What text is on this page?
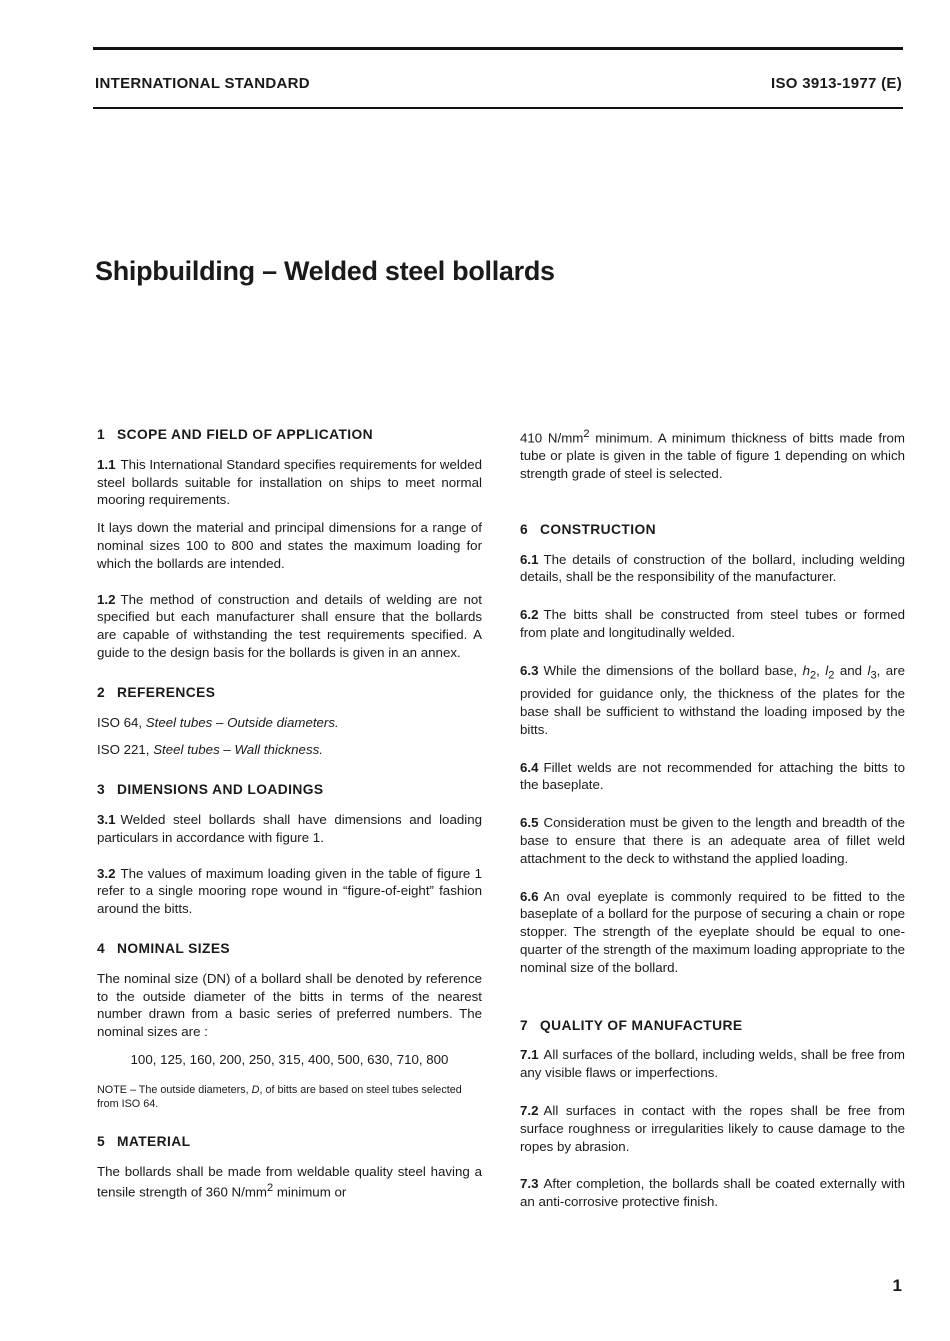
INTERNATIONAL STANDARD	ISO 3913-1977 (E)
Shipbuilding – Welded steel bollards
1 SCOPE AND FIELD OF APPLICATION

1.1 This International Standard specifies requirements for welded steel bollards suitable for installation on ships to meet normal mooring requirements.

It lays down the material and principal dimensions for a range of nominal sizes 100 to 800 and states the maximum loading for which the bollards are intended.

1.2 The method of construction and details of welding are not specified but each manufacturer shall ensure that the bollards are capable of withstanding the test requirements specified. A guide to the design basis for the bollards is given in an annex.

2 REFERENCES

ISO 64, Steel tubes – Outside diameters.

ISO 221, Steel tubes – Wall thickness.

3 DIMENSIONS AND LOADINGS

3.1 Welded steel bollards shall have dimensions and loading particulars in accordance with figure 1.

3.2 The values of maximum loading given in the table of figure 1 refer to a single mooring rope wound in “figure-of-eight” fashion around the bitts.

4 NOMINAL SIZES

The nominal size (DN) of a bollard shall be denoted by reference to the outside diameter of the bitts in terms of the nearest number drawn from a basic series of preferred numbers. The nominal sizes are :

100, 125, 160, 200, 250, 315, 400, 500, 630, 710, 800
NOTE – The outside diameters, D, of bitts are based on steel tubes selected from ISO 64.
5 MATERIAL

The bollards shall be made from weldable quality steel having a tensile strength of 360 $N/mm^2$ minimum or

410 $N/mm^2$ minimum. A minimum thickness of bitts made from tube or plate is given in the table of figure 1 depending on which strength grade of steel is selected.

6 CONSTRUCTION

6.1 The details of construction of the bollard, including welding details, shall be the responsibility of the manufacturer.

6.2 The bitts shall be constructed from steel tubes or formed from plate and longitudinally welded.

6.3 While the dimensions of the bollard base, $h_2$, $l_2$ and $l_3$, are provided for guidance only, the thickness of the plates for the base shall be sufficient to withstand the loading imposed by the bitts.

6.4 Fillet welds are not recommended for attaching the bitts to the baseplate.

6.5 Consideration must be given to the length and breadth of the base to ensure that there is an adequate area of fillet weld attachment to the deck to withstand the applied loading.

6.6 An oval eyeplate is commonly required to be fitted to the baseplate of a bollard for the purpose of securing a chain or rope stopper. The strength of the eyeplate should be equal to one-quarter of the strength of the maximum loading appropriate to the nominal size of the bollard.

7 QUALITY OF MANUFACTURE

7.1 All surfaces of the bollard, including welds, shall be free from any visible flaws or imperfections.

7.2 All surfaces in contact with the ropes shall be free from surface roughness or irregularities likely to cause damage to the ropes by abrasion.

7.3 After completion, the bollards shall be coated externally with an anti-corrosive protective finish.

1
